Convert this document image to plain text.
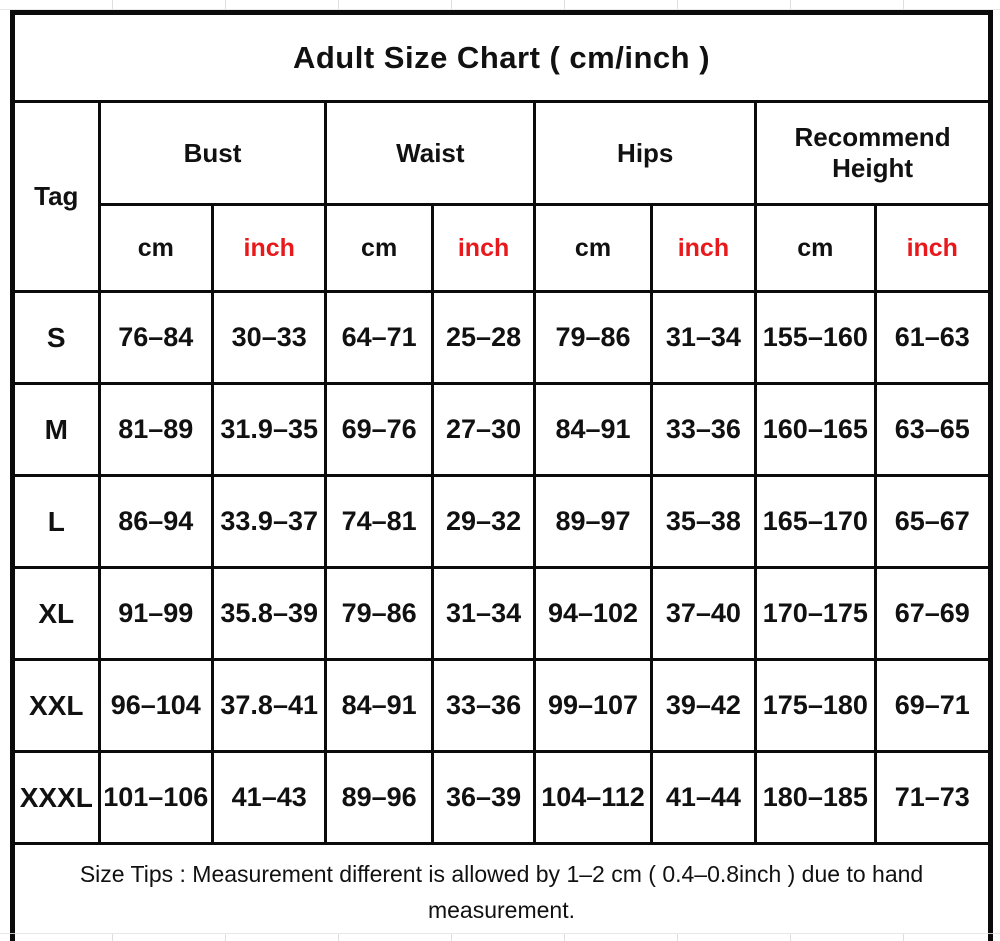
Adult Size Chart ( cm/inch )								
Tag	Bust		Waist		Hips		Recommend Height	
	cm	inch	cm	inch	cm	inch	cm	inch
S	76–84	30–33	64–71	25–28	79–86	31–34	155–160	61–63
M	81–89	31.9–35	69–76	27–30	84–91	33–36	160–165	63–65
L	86–94	33.9–37	74–81	29–32	89–97	35–38	165–170	65–67
XL	91–99	35.8–39	79–86	31–34	94–102	37–40	170–175	67–69
XXL	96–104	37.8–41	84–91	33–36	99–107	39–42	175–180	69–71
XXXL	101–106	41–43	89–96	36–39	104–112	41–44	180–185	71–73
Size Tips : Measurement different is allowed by 1–2 cm ( 0.4–0.8inch ) due to hand measurement.								
